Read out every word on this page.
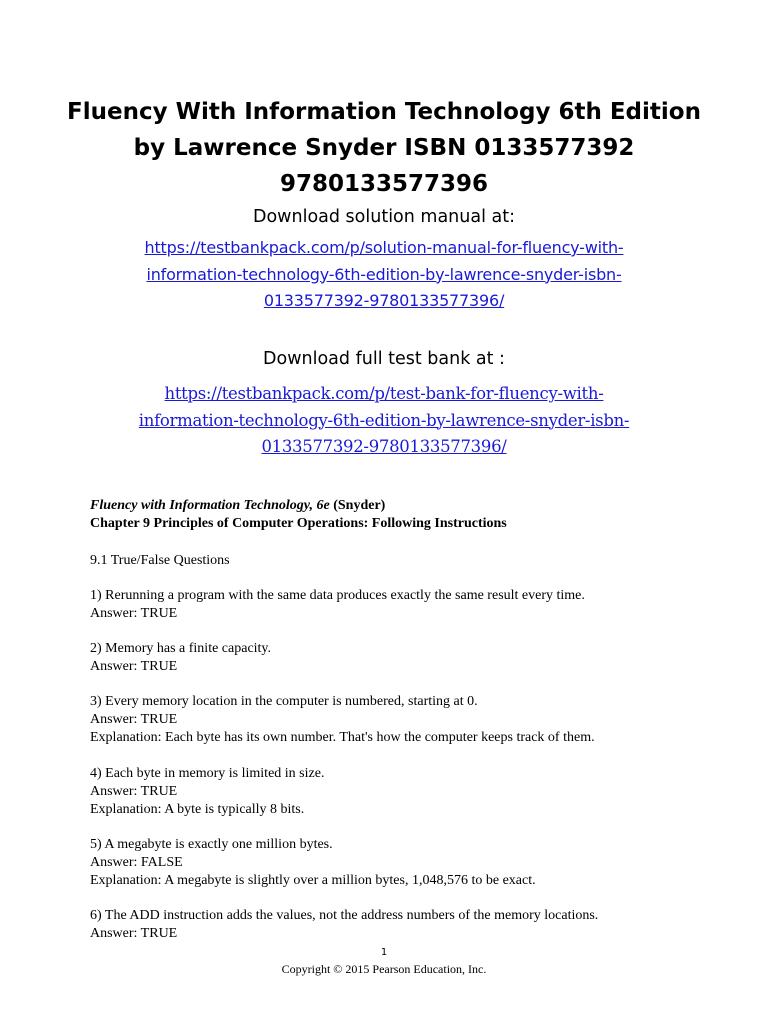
Fluency With Information Technology 6th Edition
by Lawrence Snyder ISBN 0133577392
9780133577396
Download solution manual at:
https://testbankpack.com/p/solution-manual-for-fluency-with-
information-technology-6th-edition-by-lawrence-snyder-isbn-
0133577392-9780133577396/
Download full test bank at :
https://testbankpack.com/p/test-bank-for-fluency-with-
information-technology-6th-edition-by-lawrence-snyder-isbn-
0133577392-9780133577396/

Fluency with Information Technology, 6e (Snyder)

Chapter 9 Principles of Computer Operations: Following Instructions

9.1 True/False Questions

1) Rerunning a program with the same data produces exactly the same result every time.

Answer: TRUE

2) Memory has a finite capacity.

Answer: TRUE

3) Every memory location in the computer is numbered, starting at 0.

Answer: TRUE

Explanation: Each byte has its own number. That's how the computer keeps track of them.

4) Each byte in memory is limited in size.

Answer: TRUE

Explanation: A byte is typically 8 bits.

5) A megabyte is exactly one million bytes.

Answer: FALSE

Explanation: A megabyte is slightly over a million bytes, 1,048,576 to be exact.

6) The ADD instruction adds the values, not the address numbers of the memory locations.

Answer: TRUE

1
Copyright © 2015 Pearson Education, Inc.
